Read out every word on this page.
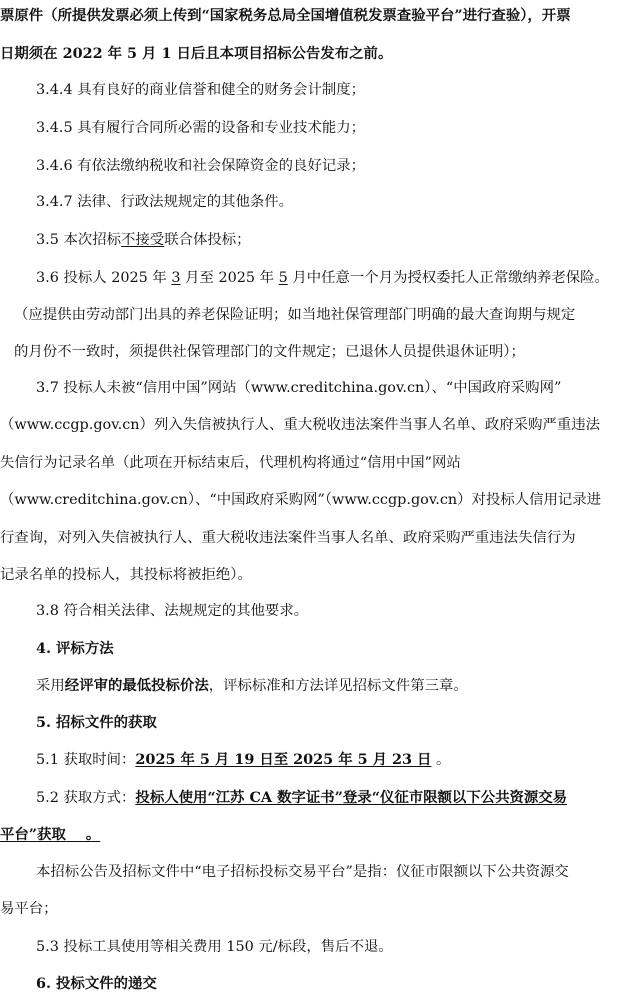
票原件（所提供发票必须上传到“国家税务总局全国增值税发票查验平台”进行查验），开票
日期须在 2022 年 5 月 1 日后且本项目招标公告发布之前。
3.4.4 具有良好的商业信誉和健全的财务会计制度；
3.4.5 具有履行合同所必需的设备和专业技术能力；
3.4.6 有依法缴纳税收和社会保障资金的良好记录；
3.4.7 法律、行政法规规定的其他条件。
3.5 本次招标不接受联合体投标；
3.6 投标人 2025 年 3 月至 2025 年 5 月中任意一个月为授权委托人正常缴纳养老保险。
（应提供由劳动部门出具的养老保险证明；如当地社保管理部门明确的最大查询期与规定
的月份不一致时，须提供社保管理部门的文件规定；已退休人员提供退休证明）；
3.7 投标人未被“信用中国”网站（www.creditchina.gov.cn）、“中国政府采购网”
（www.ccgp.gov.cn）列入失信被执行人、重大税收违法案件当事人名单、政府采购严重违法
失信行为记录名单（此项在开标结束后，代理机构将通过“信用中国”网站
（www.creditchina.gov.cn）、“中国政府采购网”（www.ccgp.gov.cn）对投标人信用记录进
行查询，对列入失信被执行人、重大税收违法案件当事人名单、政府采购严重违法失信行为
记录名单的投标人，其投标将被拒绝）。
3.8 符合相关法律、法规规定的其他要求。
4. 评标方法
采用经评审的最低投标价法，评标标准和方法详见招标文件第三章。
5. 招标文件的获取
5.1 获取时间：2025 年 5 月 19 日至 2025 年 5 月 23 日 。
5.2 获取方式：投标人使用“江苏 CA 数字证书”登录“仪征市限额以下公共资源交易
平台”获取    。
本招标公告及招标文件中“电子招标投标交易平台”是指：仪征市限额以下公共资源交
易平台；
5.3 投标工具使用等相关费用 150 元/标段，售后不退。
6. 投标文件的递交
